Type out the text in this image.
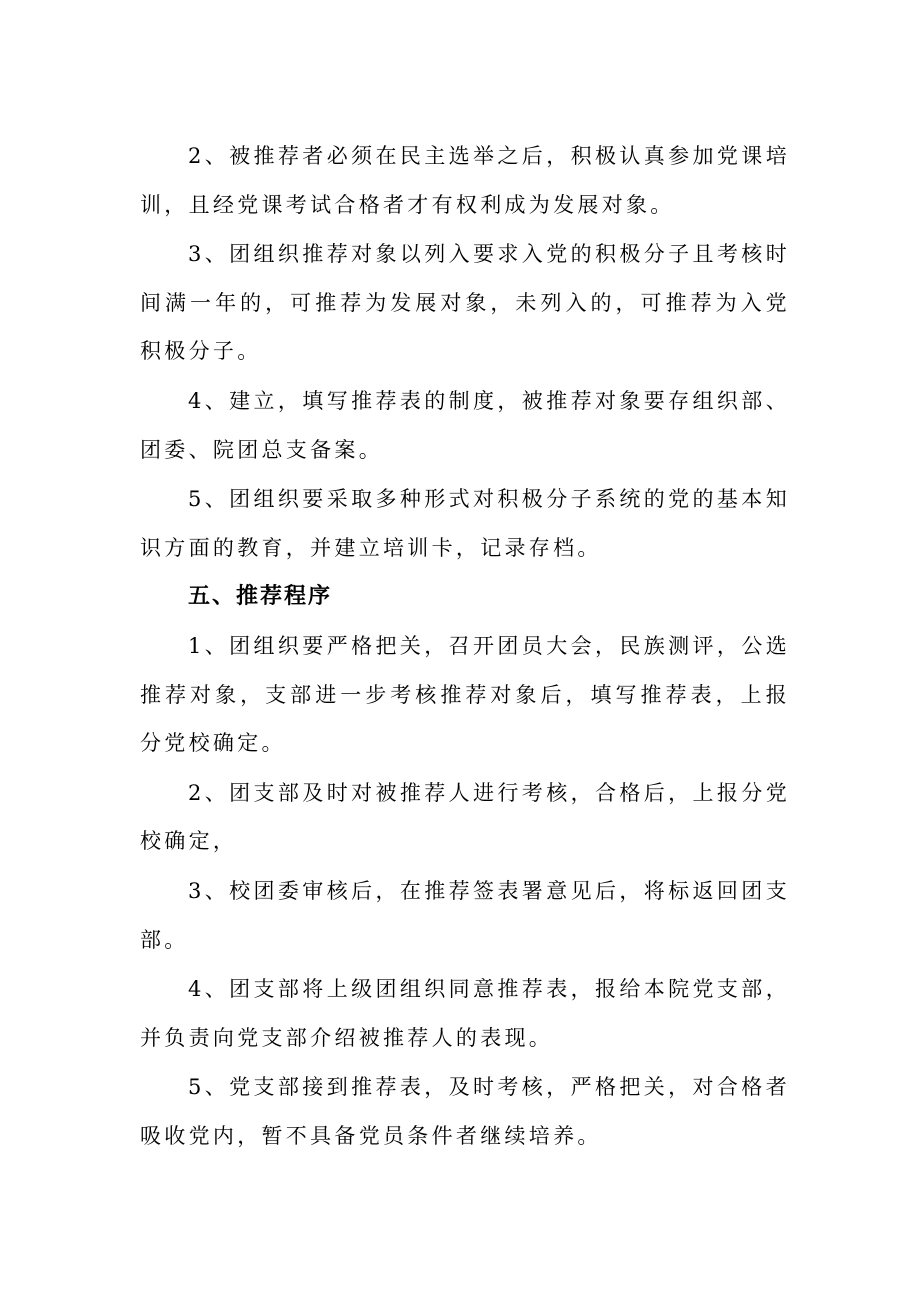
2、被推荐者必须在民主选举之后，积极认真参加党课培训，且经党课考试合格者才有权利成为发展对象。

3、团组织推荐对象以列入要求入党的积极分子且考核时间满一年的，可推荐为发展对象，未列入的，可推荐为入党积极分子。

4、建立，填写推荐表的制度，被推荐对象要存组织部、团委、院团总支备案。

5、团组织要采取多种形式对积极分子系统的党的基本知识方面的教育，并建立培训卡，记录存档。

五、推荐程序

1、团组织要严格把关，召开团员大会，民族测评，公选推荐对象，支部进一步考核推荐对象后，填写推荐表，上报分党校确定。

2、团支部及时对被推荐人进行考核，合格后，上报分党校确定，

3、校团委审核后，在推荐签表署意见后，将标返回团支部。

4、团支部将上级团组织同意推荐表，报给本院党支部，并负责向党支部介绍被推荐人的表现。

5、党支部接到推荐表，及时考核，严格把关，对合格者吸收党内，暂不具备党员条件者继续培养。
